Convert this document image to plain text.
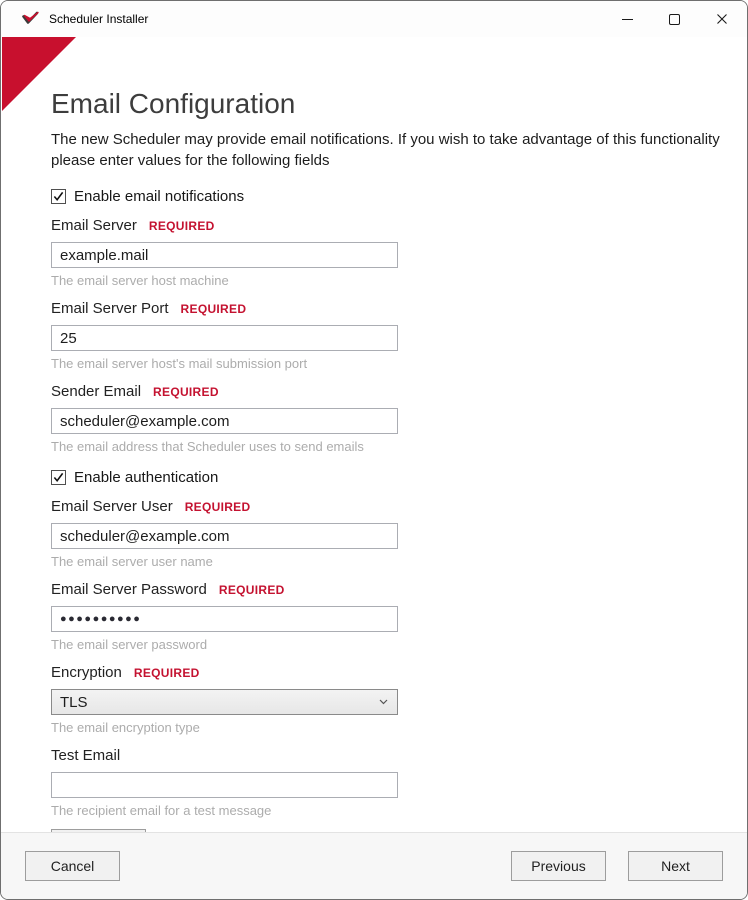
Scheduler Installer
Email Configuration

The new Scheduler may provide email notifications. If you wish to take advantage of this functionality please enter values for the following fields

Enable email notifications
Email Server REQUIRED
example.mail
The email server host machine
Email Server Port REQUIRED
25
The email server host's mail submission port
Sender Email REQUIRED
scheduler@example.com
The email address that Scheduler uses to send emails
Enable authentication
Email Server User REQUIRED
scheduler@example.com
The email server user name
Email Server Password REQUIRED
●●●●●●●●●●
The email server password
Encryption REQUIRED
TLS
The email encryption type
Test Email
The recipient email for a test message
Cancel	Previous	Next
